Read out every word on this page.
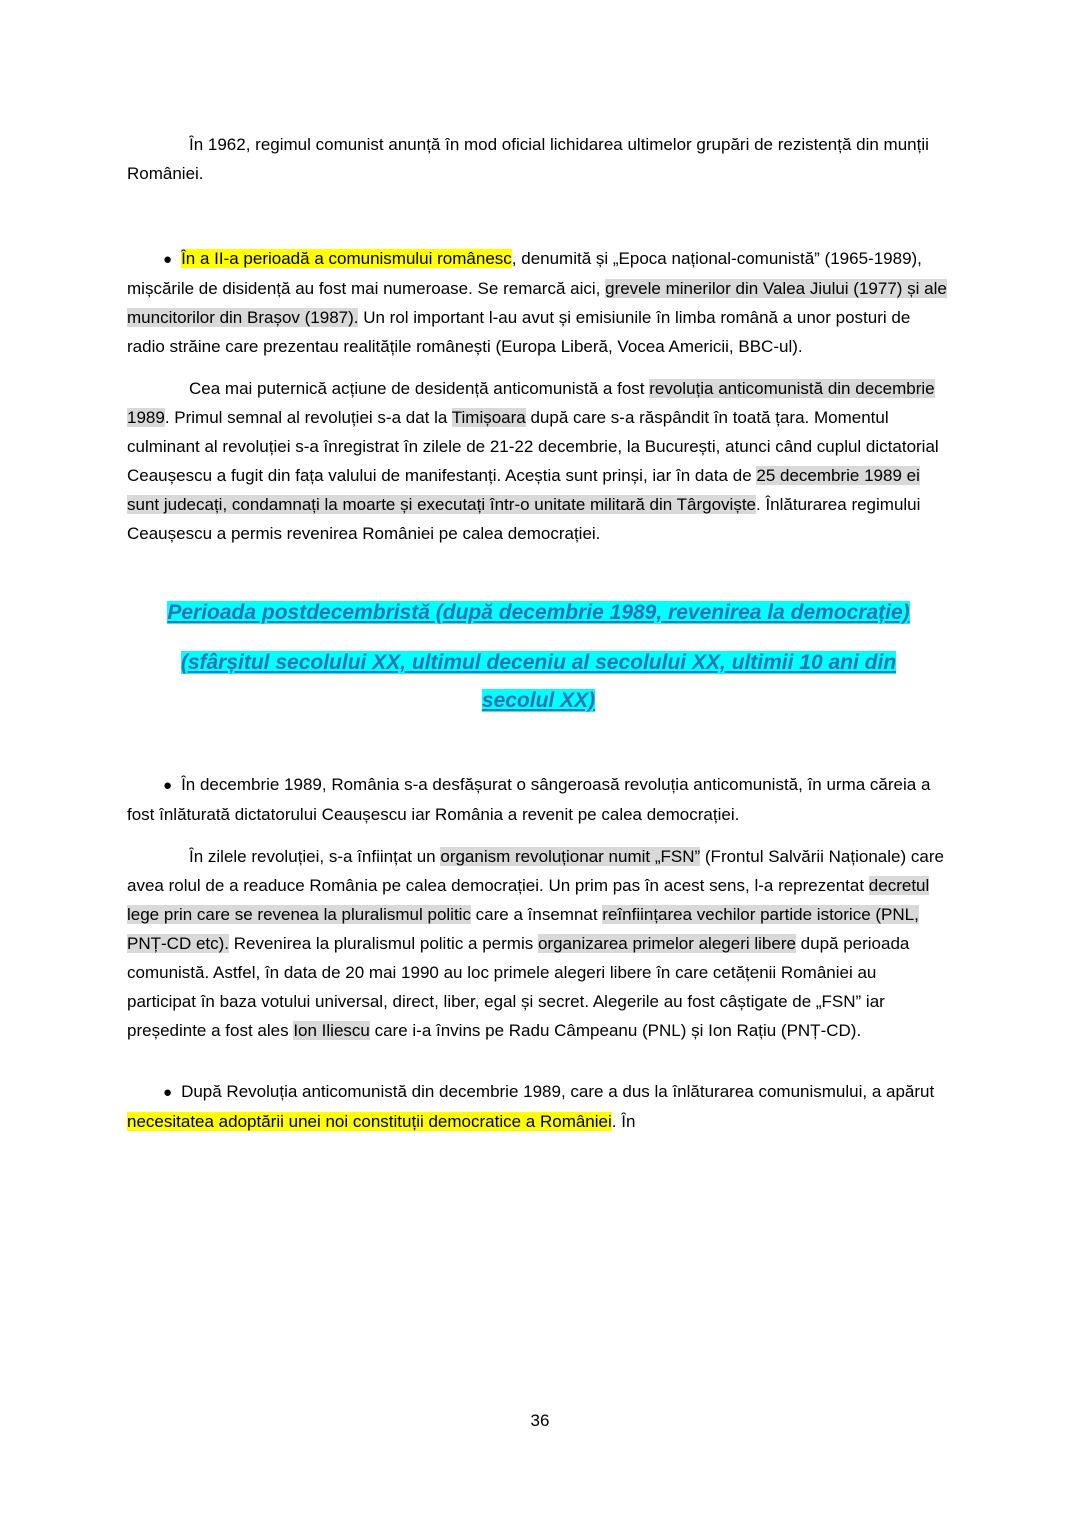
În 1962, regimul comunist anunță în mod oficial lichidarea ultimelor grupări de rezistență din munții României.

● În a II-a perioadă a comunismului românesc, denumită și „Epoca național-comunistă” (1965-1989), mișcările de disidență au fost mai numeroase. Se remarcă aici, grevele minerilor din Valea Jiului (1977) și ale muncitorilor din Brașov (1987). Un rol important l-au avut și emisiunile în limba română a unor posturi de radio străine care prezentau realitățile românești (Europa Liberă, Vocea Americii, BBC-ul).

Cea mai puternică acțiune de desidență anticomunistă a fost revoluția anticomunistă din decembrie 1989. Primul semnal al revoluției s-a dat la Timișoara după care s-a răspândit în toată țara. Momentul culminant al revoluției s-a înregistrat în zilele de 21-22 decembrie, la București, atunci când cuplul dictatorial Ceaușescu a fugit din fața valului de manifestanți. Aceștia sunt prinși, iar în data de 25 decembrie 1989 ei sunt judecați, condamnați la moarte și executați într-o unitate militară din Târgoviște. Înlăturarea regimului Ceaușescu a permis revenirea României pe calea democrației.

Perioada postdecembristă (după decembrie 1989, revenirea la democrație)
(sfârșitul secolului XX, ultimul deceniu al secolului XX, ultimii 10 ani din secolul XX)

● În decembrie 1989, România s-a desfășurat o sângeroasă revoluția anticomunistă, în urma căreia a fost înlăturată dictatorului Ceaușescu iar România a revenit pe calea democrației.

În zilele revoluției, s-a înființat un organism revoluționar numit „FSN” (Frontul Salvării Naționale) care avea rolul de a readuce România pe calea democrației. Un prim pas în acest sens, l-a reprezentat decretul lege prin care se revenea la pluralismul politic care a însemnat reînființarea vechilor partide istorice (PNL, PNȚ-CD etc). Revenirea la pluralismul politic a permis organizarea primelor alegeri libere după perioada comunistă. Astfel, în data de 20 mai 1990 au loc primele alegeri libere în care cetățenii României au participat în baza votului universal, direct, liber, egal și secret. Alegerile au fost câștigate de „FSN” iar președinte a fost ales Ion Iliescu care i-a învins pe Radu Câmpeanu (PNL) și Ion Rațiu (PNȚ-CD).

● După Revoluția anticomunistă din decembrie 1989, care a dus la înlăturarea comunismului, a apărut necesitatea adoptării unei noi constituții democratice a României. În

36
